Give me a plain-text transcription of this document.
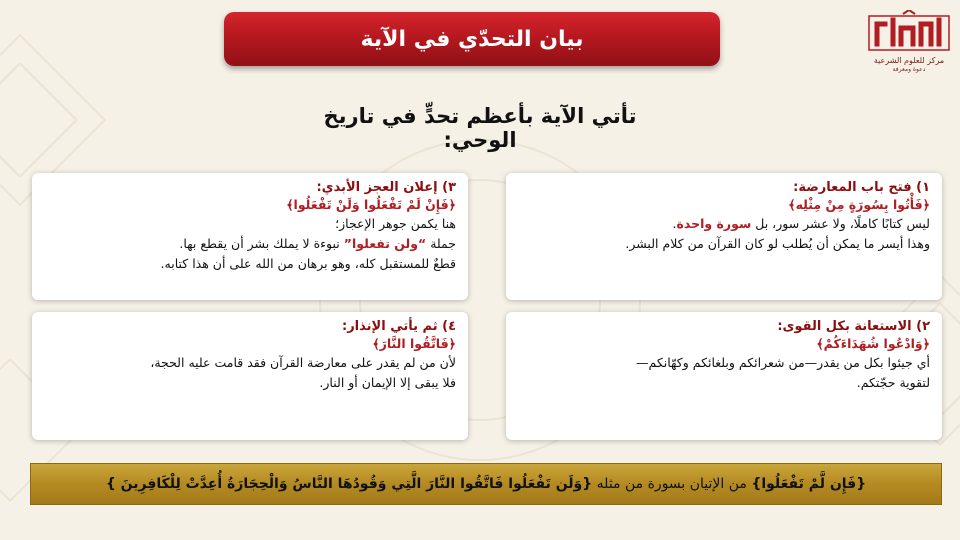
مركز للعلوم الشرعية
دعوة ومعرفة
بيان التحدّي في الآية
تأتي الآية بأعظم تحدٍّ في تاريخ الوحي:
١) فتح باب المعارضة:
﴿فَأْتُوا بِسُورَةٍ مِنْ مِثْلِه﴾
ليس كتابًا كاملًا، ولا عشر سور، بل سورة واحدة.
وهذا أيسر ما يمكن أن يُطلب لو كان القرآن من كلام البشر.
٢) الاستعانة بكل القوى:
﴿وَادْعُوا شُهَدَاءَكُمْ﴾
أي جيئوا بكل من يقدر—من شعرائكم وبلغائكم وكهّانكم—
لتقوية حجّتكم.
٣) إعلان العجز الأبدي:
﴿فَإِنْ لَمْ تَفْعَلُوا وَلَنْ تَفْعَلُوا﴾
هنا يكمن جوهر الإعجاز؛
جملة “ولن تفعلوا” نبوءة لا يملك بشر أن يقطع بها.
قطعٌ للمستقبل كله، وهو برهان من الله على أن هذا كتابه.
٤) ثم يأتي الإنذار:
﴿فَاتَّقُوا النَّارَ﴾
لأن من لم يقدر على معارضة القرآن فقد قامت عليه الحجة،
فلا يبقى إلا الإيمان أو النار.
{فَإِن لَّمْ تَفْعَلُوا}

من الإتيان بسورة من مثله

{وَلَن تَفْعَلُوا فَاتَّقُوا النَّارَ الَّتِي وَقُودُهَا النَّاسُ وَالْحِجَارَةُ أُعِدَّتْ لِلْكَافِرِينَ }
